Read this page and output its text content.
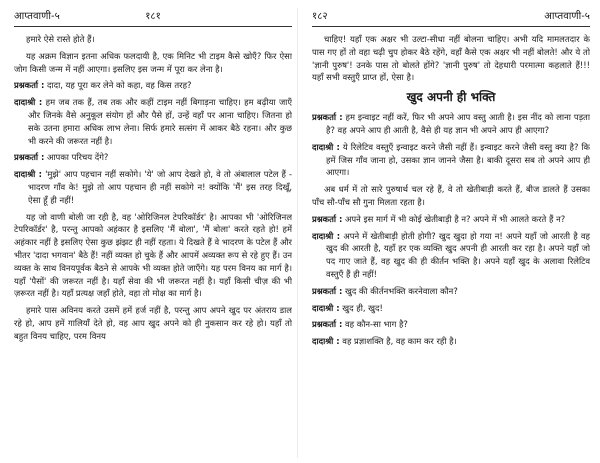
आप्तवाणी-५	१८१

हमारे ऐसे रास्ते होते हैं।

यह अक्रम विज्ञान इतना अधिक फलदायी है, एक मिनिट भी टाइम कैसे खोएँ? फिर ऐसा जोग किसी जन्म में नहीं आएगा। इसलिए इस जन्म में पूरा कर लेना है।

प्रश्नकर्ता : दादा, यह पूरा कर लेने को कहा, वह किस तरह?

दादाश्री : हम जब तक हैं, तब तक और कहीं टाइम नहीं बिगाड़ना चाहिए। हम बढ़ीया जाएँ और जिनके वैसे अनुकूल संयोग हों और पैसे हों, उन्हें वहाँ पर आना चाहिए। जितना हो सके उतना हमारा अधिक लाभ लेना। सिर्फ हमारे सत्संग में आकर बैठे रहना। और कुछ भी करने की जरूरत नहीं है।

प्रश्नकर्ता : आपका परिचय देंगे?

दादाश्री : 'मुझे' आप पहचान नहीं सकोगे। 'ये' जो आप देखते हो, वे तो अंबालाल पटेल हैं - भादरण गाँव के! मुझे तो आप पहचान ही नहीं सकोगे न! क्योंकि 'मैं' इस तरह दिखूँ, ऐसा हूँ ही नहीं!

यह जो वाणी बोली जा रही है, वह 'ओरिजिनल टेपरिकॉर्डर' है। आपका भी 'ओरिजिनल टेपरिकॉर्डर' है, परन्तु आपको अहंकार है इसलिए 'मैं बोला', 'मैं बोला' करते रहते हो! हमें अहंकार नहीं है इसलिए ऐसा कुछ झंझट ही नहीं रहता। ये दिखते हैं वे भादरण के पटेल हैं और भीतर 'दादा भगवान' बैठे हैं! नहीं व्यक्त हो चुके हैं और आपमें अव्यक्त रूप से रहे हुए हैं। उन व्यक्त के साथ विनयपूर्वक बैठने से आपके भी व्यक्त होते जाएँगे। यह परम विनय का मार्ग है। यहाँ 'पैसों' की जरूरत नहीं है। यहाँ सेवा की भी जरूरत नहीं है। यहाँ किसी चीज़ की भी ज़रूरत नहीं है। यहाँ प्रत्यक्ष जहाँ होते, वहा तो मोक्ष का मार्ग है।

हमारे पास अविनय करते उसमें हमें हर्ज नहीं है, परन्तु आप अपने खुद पर अंतराय डाल रहे हो, आप हमें गालियाँ देते हो, वह आप खुद अपने को ही नुकसान कर रहे हो। यहाँ तो बहुत विनय चाहिए, परम विनय

१८२	आप्तवाणी-५

चाहिए! यहाँ एक अक्षर भी उल्टा-सीधा नहीं बोलना चाहिए। अभी यदि मामलतदार के पास गए हों तो वहा चढ़ी चुप होकर बैठे रहेंगे, वहाँ कैसे एक अक्षर भी नहीं बोलते! और ये तो 'ज्ञानी पुरुष'! उनके पास तो बोलते होंगे? 'ज्ञानी पुरुष' तो देहधारी परमात्मा कहलाते हैं!!! यहाँ सभी वस्तुएँ प्राप्त हों, ऐसा है।

खुद अपनी ही भक्ति

प्रश्नकर्ता : हम इन्वाइट नहीं करें, फिर भी अपने आप वस्तु आती है। इस नींद को लाना पड़ता है? वह अपने आप ही आती है, वैसे ही यह ज्ञान भी अपने आप ही आएगा?

दादाश्री : ये रिलेटिव वस्तुएँ इन्वाइट करने जैसी नहीं हैं। इन्वाइट करने जैसी वस्तु क्या है? कि हमें जिस गाँव जाना हो, उसका ज्ञान जानने जैसा है। बाकी दूसरा सब तो अपने आप ही आएगा।

अब धर्म में तो सारे पुरुषार्थ चल रहे हैं, वे तो खेतीबाड़ी करते हैं, बीज डालते हैं उसका पाँच सौ-पाँच सौ गुना मिलता रहता है।

प्रश्नकर्ता : अपने इस मार्ग में भी कोई खेतीबाड़ी है न? अपने में भी आलते करते हैं न?

दादाश्री : अपने में खेतीबाड़ी होती होगी? खुद खुदा हो गया न! अपने यहाँ जो आरती है वह खुद की आरती है, यहाँ हर एक व्यक्ति खुद अपनी ही आरती कर रहा है। अपने यहाँ जो पद गाए जाते हैं, वह खुद की ही कीर्तन भक्ति है। अपने यहाँ खुद के अलावा रिलेटिव वस्तुएँ हैं ही नहीं!

प्रश्नकर्ता : खुद की कीर्तनभक्ति करनेवाला कौन?

दादाश्री : खुद ही, खुद!

प्रश्नकर्ता : वह कौन-सा भाग है?

दादाश्री : वह प्रज्ञाशक्ति है, वह काम कर रही है।
